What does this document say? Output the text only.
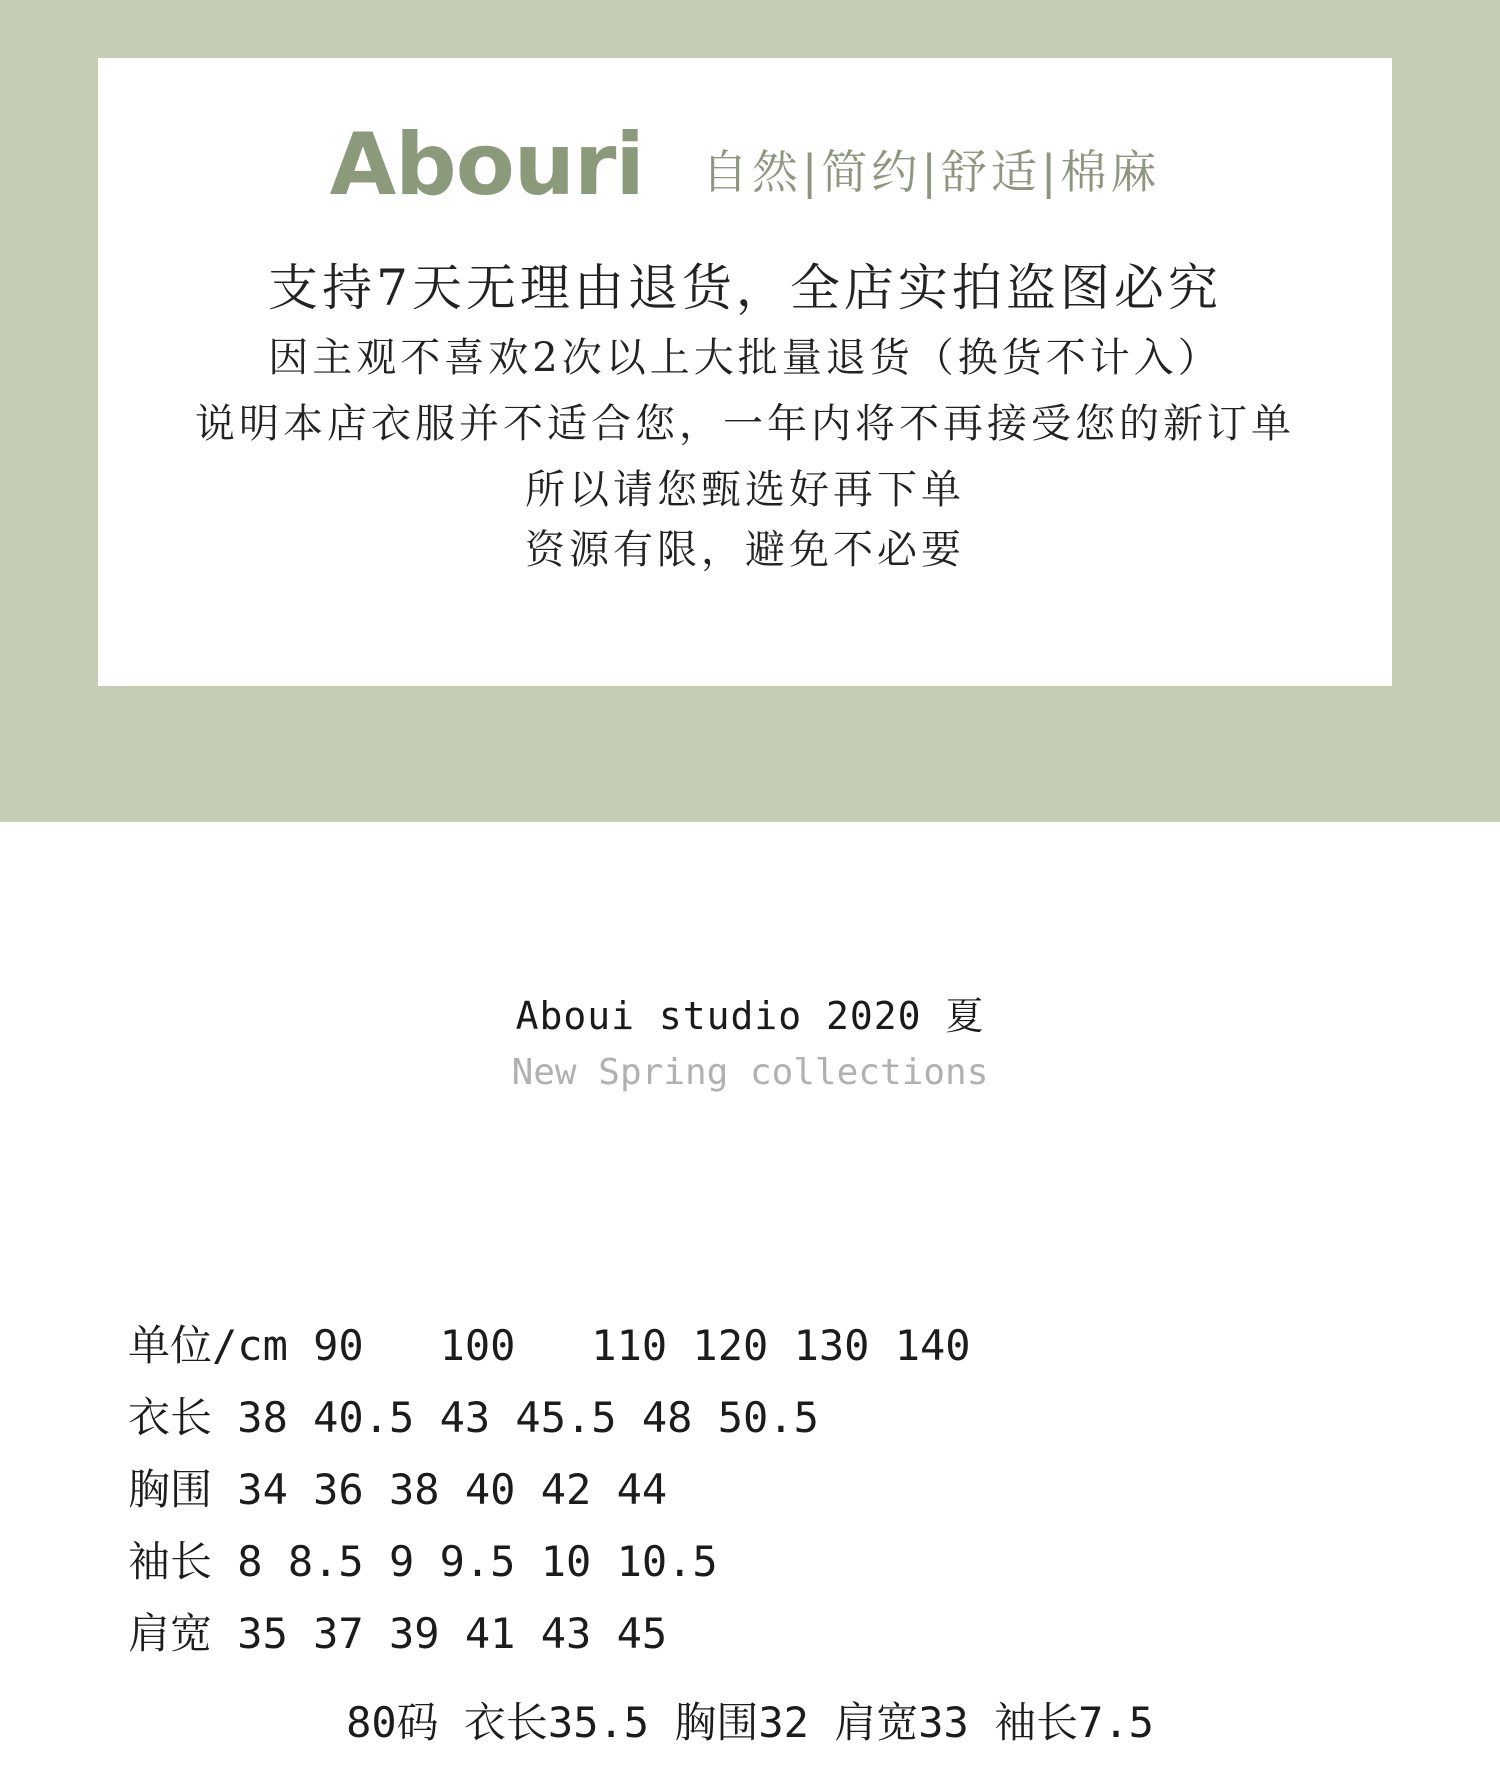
Abouri 自然|简约|舒适|棉麻
支持7天无理由退货，全店实拍盗图必究
因主观不喜欢2次以上大批量退货（换货不计入）
说明本店衣服并不适合您，一年内将不再接受您的新订单
所以请您甄选好再下单
资源有限，避免不必要
Aboui studio 2020 夏
New Spring collections
单位/cm 90   100   110 120 130 140
衣长 38 40.5 43 45.5 48 50.5
胸围 34 36 38 40 42 44
袖长 8 8.5 9 9.5 10 10.5
肩宽 35 37 39 41 43 45
80码 衣长35.5 胸围32 肩宽33 袖长7.5
